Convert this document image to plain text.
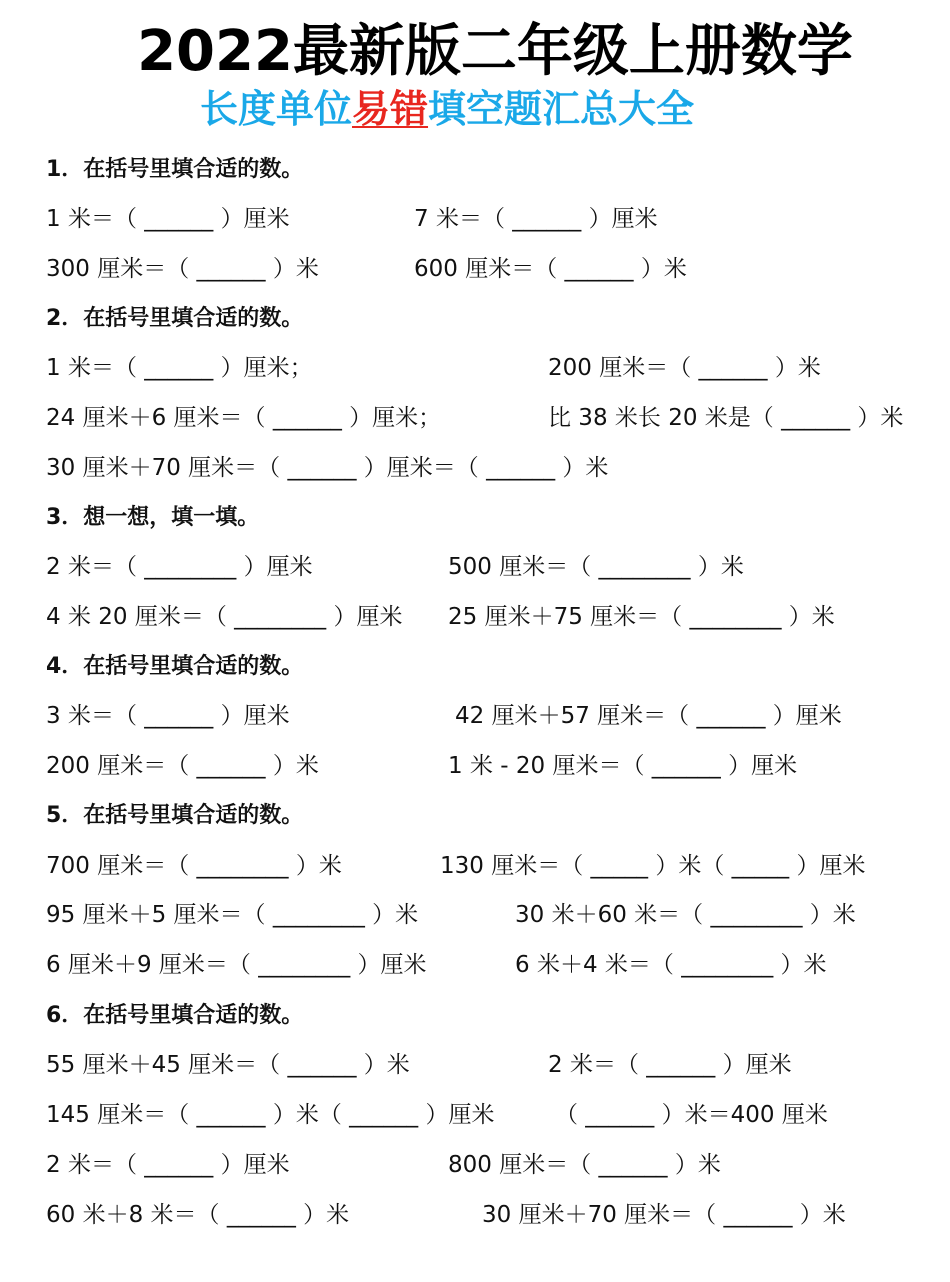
2022最新版二年级上册数学
长度单位易错填空题汇总大全
1．在括号里填合适的数。
1 米＝（ ______ ）厘米	7 米＝（ ______ ）厘米
300 厘米＝（ ______ ）米	600 厘米＝（ ______ ）米
2．在括号里填合适的数。
1 米＝（ ______ ）厘米；	200 厘米＝（ ______ ）米
24 厘米＋6 厘米＝（ ______ ）厘米；	比 38 米长 20 米是（ ______ ）米
30 厘米＋70 厘米＝（ ______ ）厘米＝（ ______ ）米
3．想一想，填一填。
2 米＝（ ________ ）厘米	500 厘米＝（ ________ ）米
4 米 20 厘米＝（ ________ ）厘米 25 厘米＋75 厘米＝（ ________ ）米
4．在括号里填合适的数。
3 米＝（ ______ ）厘米	42 厘米＋57 厘米＝（ ______ ）厘米
200 厘米＝（ ______ ）米	1 米 - 20 厘米＝（ ______ ）厘米
5．在括号里填合适的数。
700 厘米＝（ ________ ）米	130 厘米＝（ _____ ）米（ _____ ）厘米
95 厘米＋5 厘米＝（ ________ ）米	30 米＋60 米＝（ ________ ）米
6 厘米＋9 厘米＝（ ________ ）厘米	6 米＋4 米＝（ ________ ）米
6．在括号里填合适的数。
55 厘米＋45 厘米＝（ ______ ）米	2 米＝（ ______ ）厘米
145 厘米＝（ ______ ）米（ ______ ）厘米	（ ______ ）米＝400 厘米
2 米＝（ ______ ）厘米	800 厘米＝（ ______ ）米
60 米＋8 米＝（ ______ ）米	30 厘米＋70 厘米＝（ ______ ）米
